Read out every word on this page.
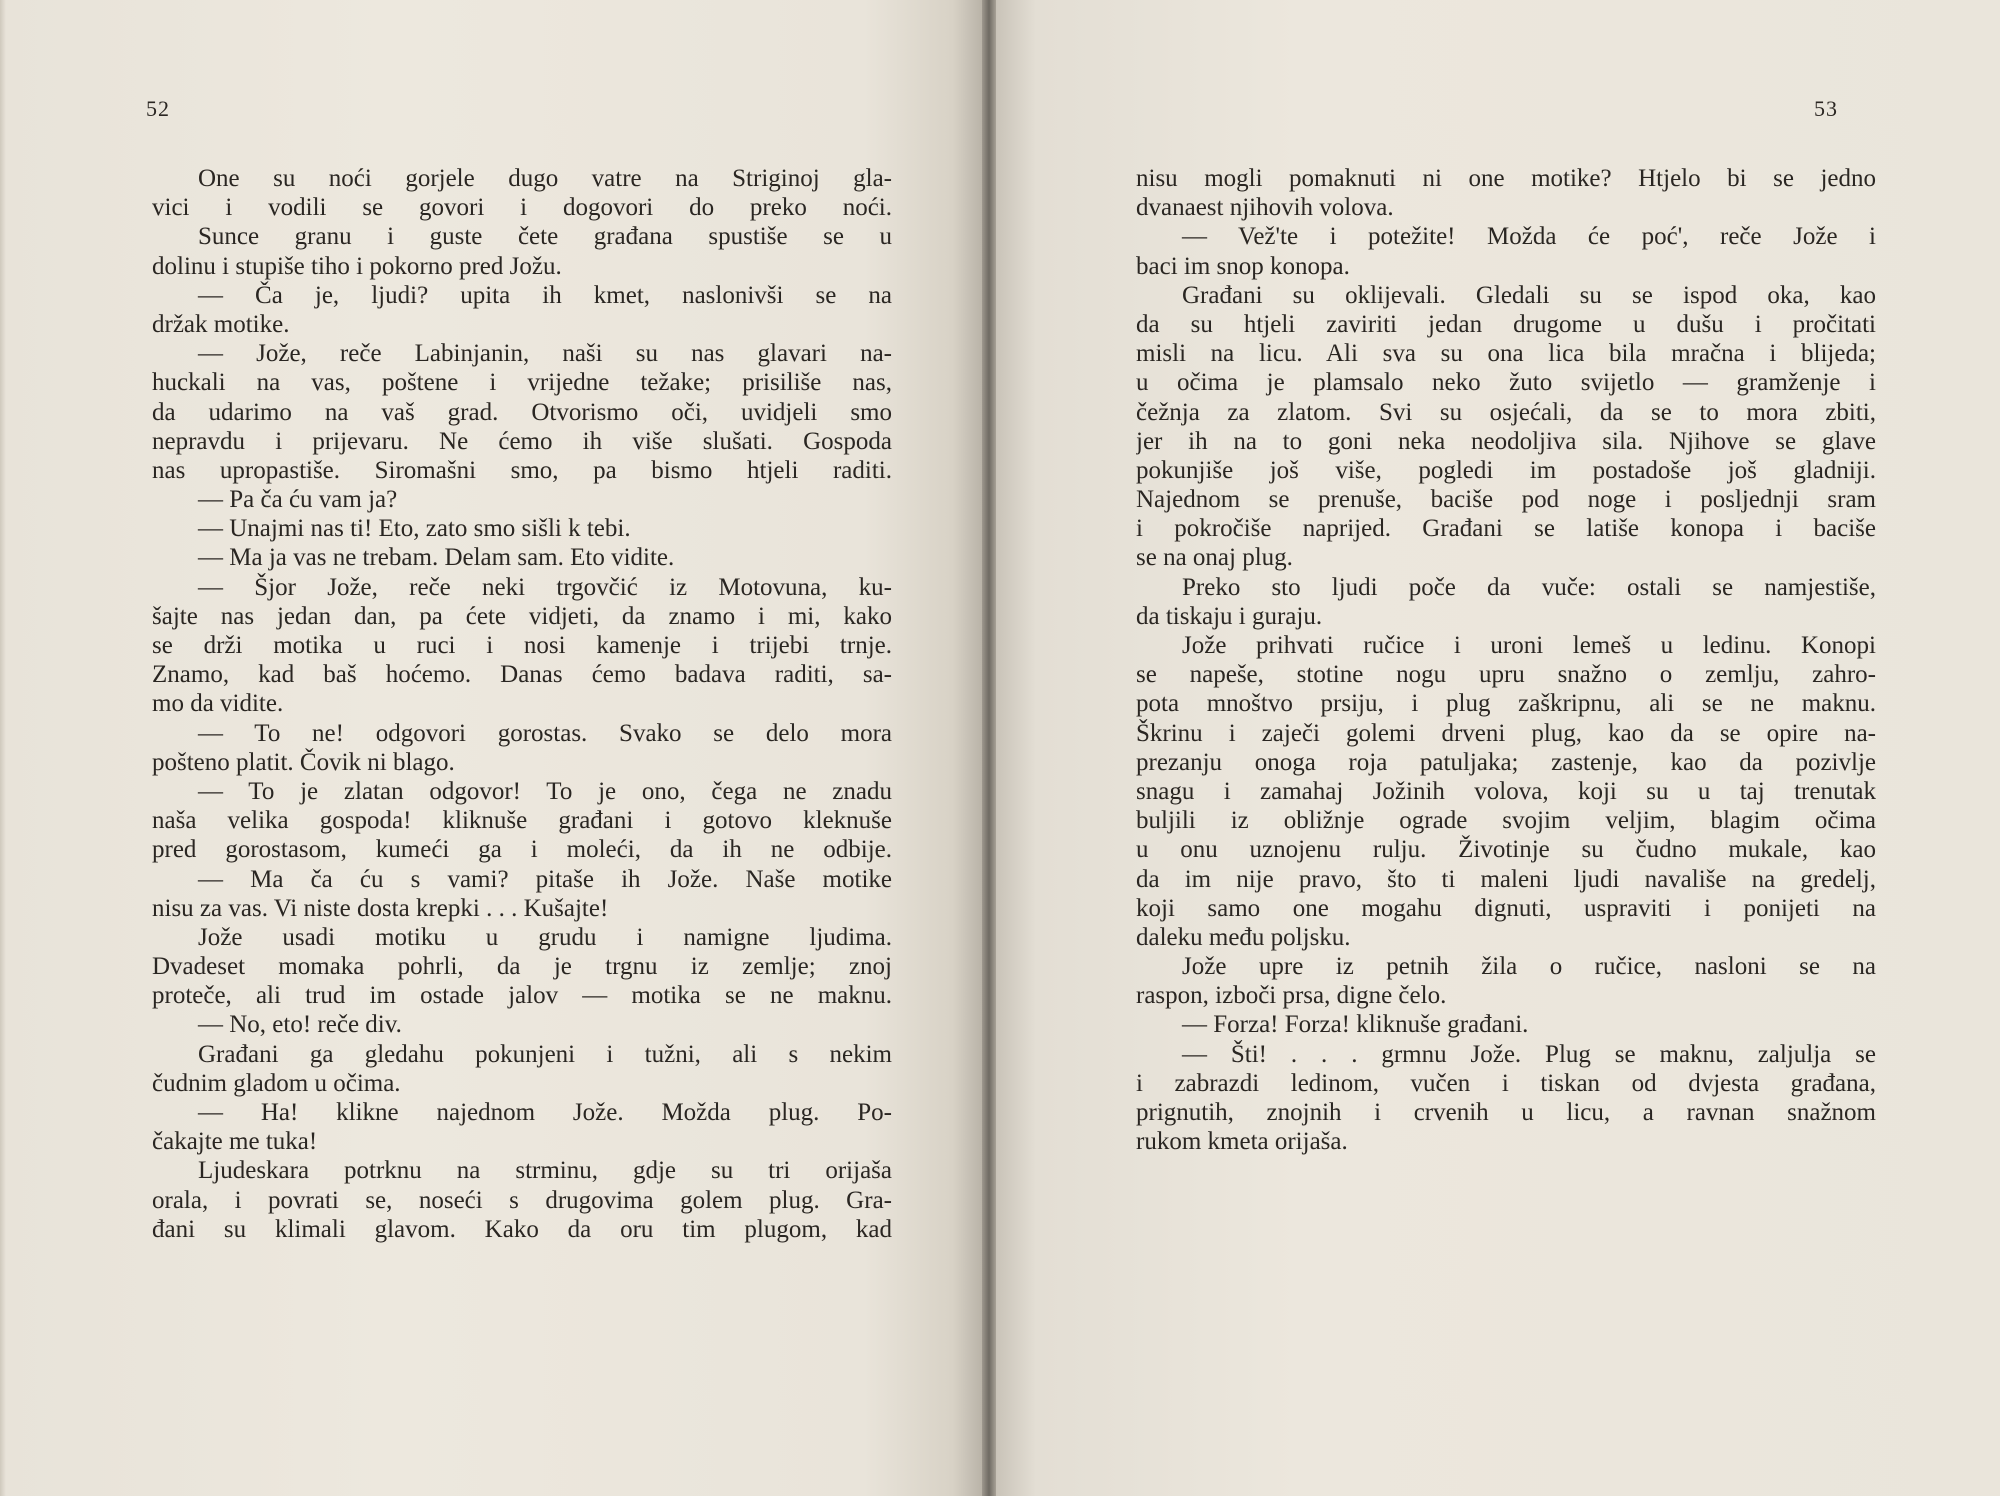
52
One su noći gorjele dugo vatre na Striginoj gla-
vici i vodili se govori i dogovori do preko noći.
Sunce granu i guste čete građana spustiše se u
dolinu i stupiše tiho i pokorno pred Jožu.
— Ča je, ljudi? upita ih kmet, naslonivši se na
držak motike.
— Jože, reče Labinjanin, naši su nas glavari na-
huckali na vas, poštene i vrijedne težake; prisiliše nas,
da udarimo na vaš grad. Otvorismo oči, uvidjeli smo
nepravdu i prijevaru. Ne ćemo ih više slušati. Gospoda
nas upropastiše. Siromašni smo, pa bismo htjeli raditi.
— Pa ča ću vam ja?
— Unajmi nas ti! Eto, zato smo sišli k tebi.
— Ma ja vas ne trebam. Delam sam. Eto vidite.
— Šjor Jože, reče neki trgovčić iz Motovuna, ku-
šajte nas jedan dan, pa ćete vidjeti, da znamo i mi, kako
se drži motika u ruci i nosi kamenje i trijebi trnje.
Znamo, kad baš hoćemo. Danas ćemo badava raditi, sa-
mo da vidite.
— To ne! odgovori gorostas. Svako se delo mora
pošteno platit. Čovik ni blago.
— To je zlatan odgovor! To je ono, čega ne znadu
naša velika gospoda! kliknuše građani i gotovo kleknuše
pred gorostasom, kumeći ga i moleći, da ih ne odbije.
— Ma ča ću s vami? pitaše ih Jože. Naše motike
nisu za vas. Vi niste dosta krepki . . . Kušajte!
Jože usadi motiku u grudu i namigne ljudima.
Dvadeset momaka pohrli, da je trgnu iz zemlje; znoj
proteče, ali trud im ostade jalov — motika se ne maknu.
— No, eto! reče div.
Građani ga gledahu pokunjeni i tužni, ali s nekim
čudnim gladom u očima.
— Ha! klikne najednom Jože. Možda plug. Po-
čakajte me tuka!
Ljudeskara potrknu na strminu, gdje su tri orijaša
orala, i povrati se, noseći s drugovima golem plug. Gra-
đani su klimali glavom. Kako da oru tim plugom, kad
53
nisu mogli pomaknuti ni one motike? Htjelo bi se jedno
dvanaest njihovih volova.
— Vež'te i potežite! Možda će poć', reče Jože i
baci im snop konopa.
Građani su oklijevali. Gledali su se ispod oka, kao
da su htjeli zaviriti jedan drugome u dušu i pročitati
misli na licu. Ali sva su ona lica bila mračna i blijeda;
u očima je plamsalo neko žuto svijetlo — gramženje i
čežnja za zlatom. Svi su osjećali, da se to mora zbiti,
jer ih na to goni neka neodoljiva sila. Njihove se glave
pokunjiše još više, pogledi im postadoše još gladniji.
Najednom se prenuše, baciše pod noge i posljednji sram
i pokročiše naprijed. Građani se latiše konopa i baciše
se na onaj plug.
Preko sto ljudi poče da vuče: ostali se namjestiše,
da tiskaju i guraju.
Jože prihvati ručice i uroni lemeš u ledinu. Konopi
se napeše, stotine nogu upru snažno o zemlju, zahro-
pota mnoštvo prsiju, i plug zaškripnu, ali se ne maknu.
Škrinu i zaječi golemi drveni plug, kao da se opire na-
prezanju onoga roja patuljaka; zastenje, kao da pozivlje
snagu i zamahaj Jožinih volova, koji su u taj trenutak
buljili iz obližnje ograde svojim veljim, blagim očima
u onu uznojenu rulju. Životinje su čudno mukale, kao
da im nije pravo, što ti maleni ljudi navališe na gredelj,
koji samo one mogahu dignuti, uspraviti i ponijeti na
daleku među poljsku.
Jože upre iz petnih žila o ručice, nasloni se na
raspon, izboči prsa, digne čelo.
— Forza! Forza! kliknuše građani.
— Šti! . . . grmnu Jože. Plug se maknu, zaljulja se
i zabrazdi ledinom, vučen i tiskan od dvjesta građana,
prignutih, znojnih i crvenih u licu, a ravnan snažnom
rukom kmeta orijaša.
